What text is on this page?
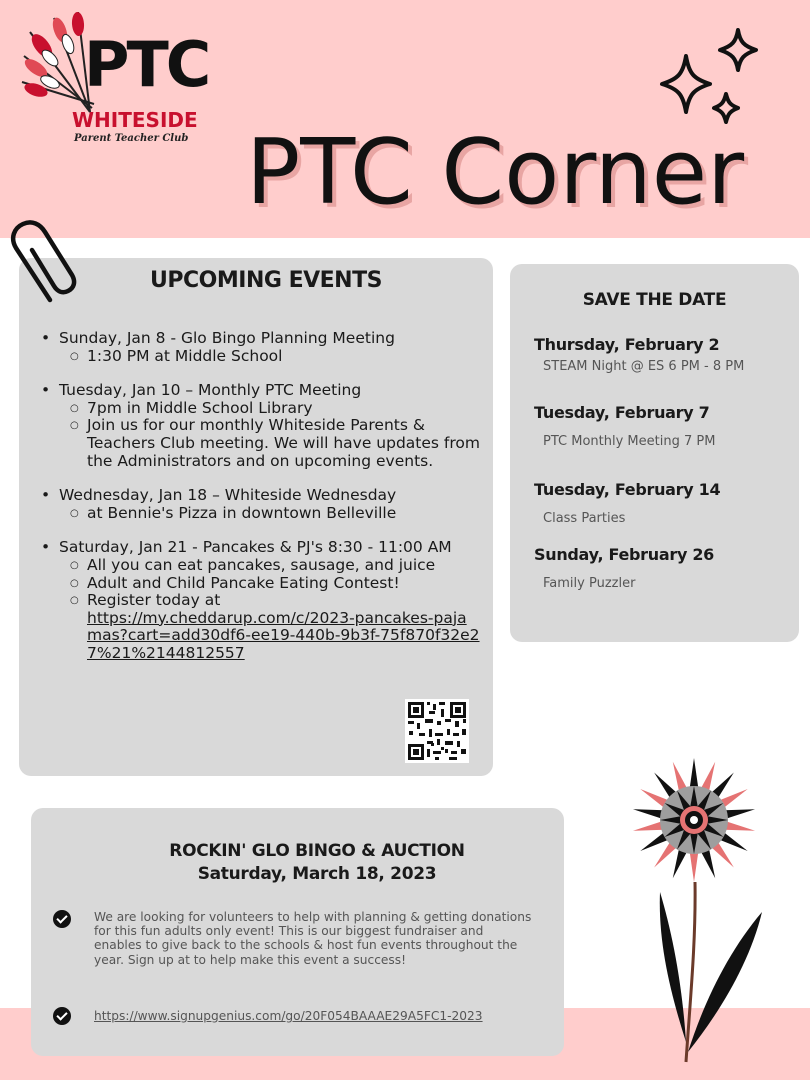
PTC
WHITESIDE
Parent Teacher Club PTC Corner
UPCOMING EVENTS
• Sunday, Jan 8 - Glo Bingo Planning Meeting
○ 1:30 PM at Middle School
• Tuesday, Jan 10 – Monthly PTC Meeting
○ 7pm in Middle School Library
○ Join us for our monthly Whiteside Parents & Teachers Club meeting. We will have updates from the Administrators and on upcoming events.
• Wednesday, Jan 18 – Whiteside Wednesday
○ at Bennie's Pizza in downtown Belleville
• Saturday, Jan 21 - Pancakes & PJ's 8:30 - 11:00 AM
○ All you can eat pancakes, sausage, and juice
○ Adult and Child Pancake Eating Contest!
○ Register today at
https://my.cheddarup.com/c/2023-pancakes-pajamas?cart=add30df6-ee19-440b-9b3f-75f870f32e27%21%2144812557
SAVE THE DATE
Thursday, February 2
STEAM Night @ ES 6 PM - 8 PM
Tuesday, February 7
PTC Monthly Meeting 7 PM
Tuesday, February 14
Class Parties
Sunday, February 26
Family Puzzler
ROCKIN' GLO BINGO & AUCTION
Saturday, March 18, 2023
We are looking for volunteers to help with planning & getting donations for this fun adults only event! This is our biggest fundraiser and enables to give back to the schools & host fun events throughout the year. Sign up at to help make this event a success!
https://www.signupgenius.com/go/20F054BAAAE29A5FC1-2023
